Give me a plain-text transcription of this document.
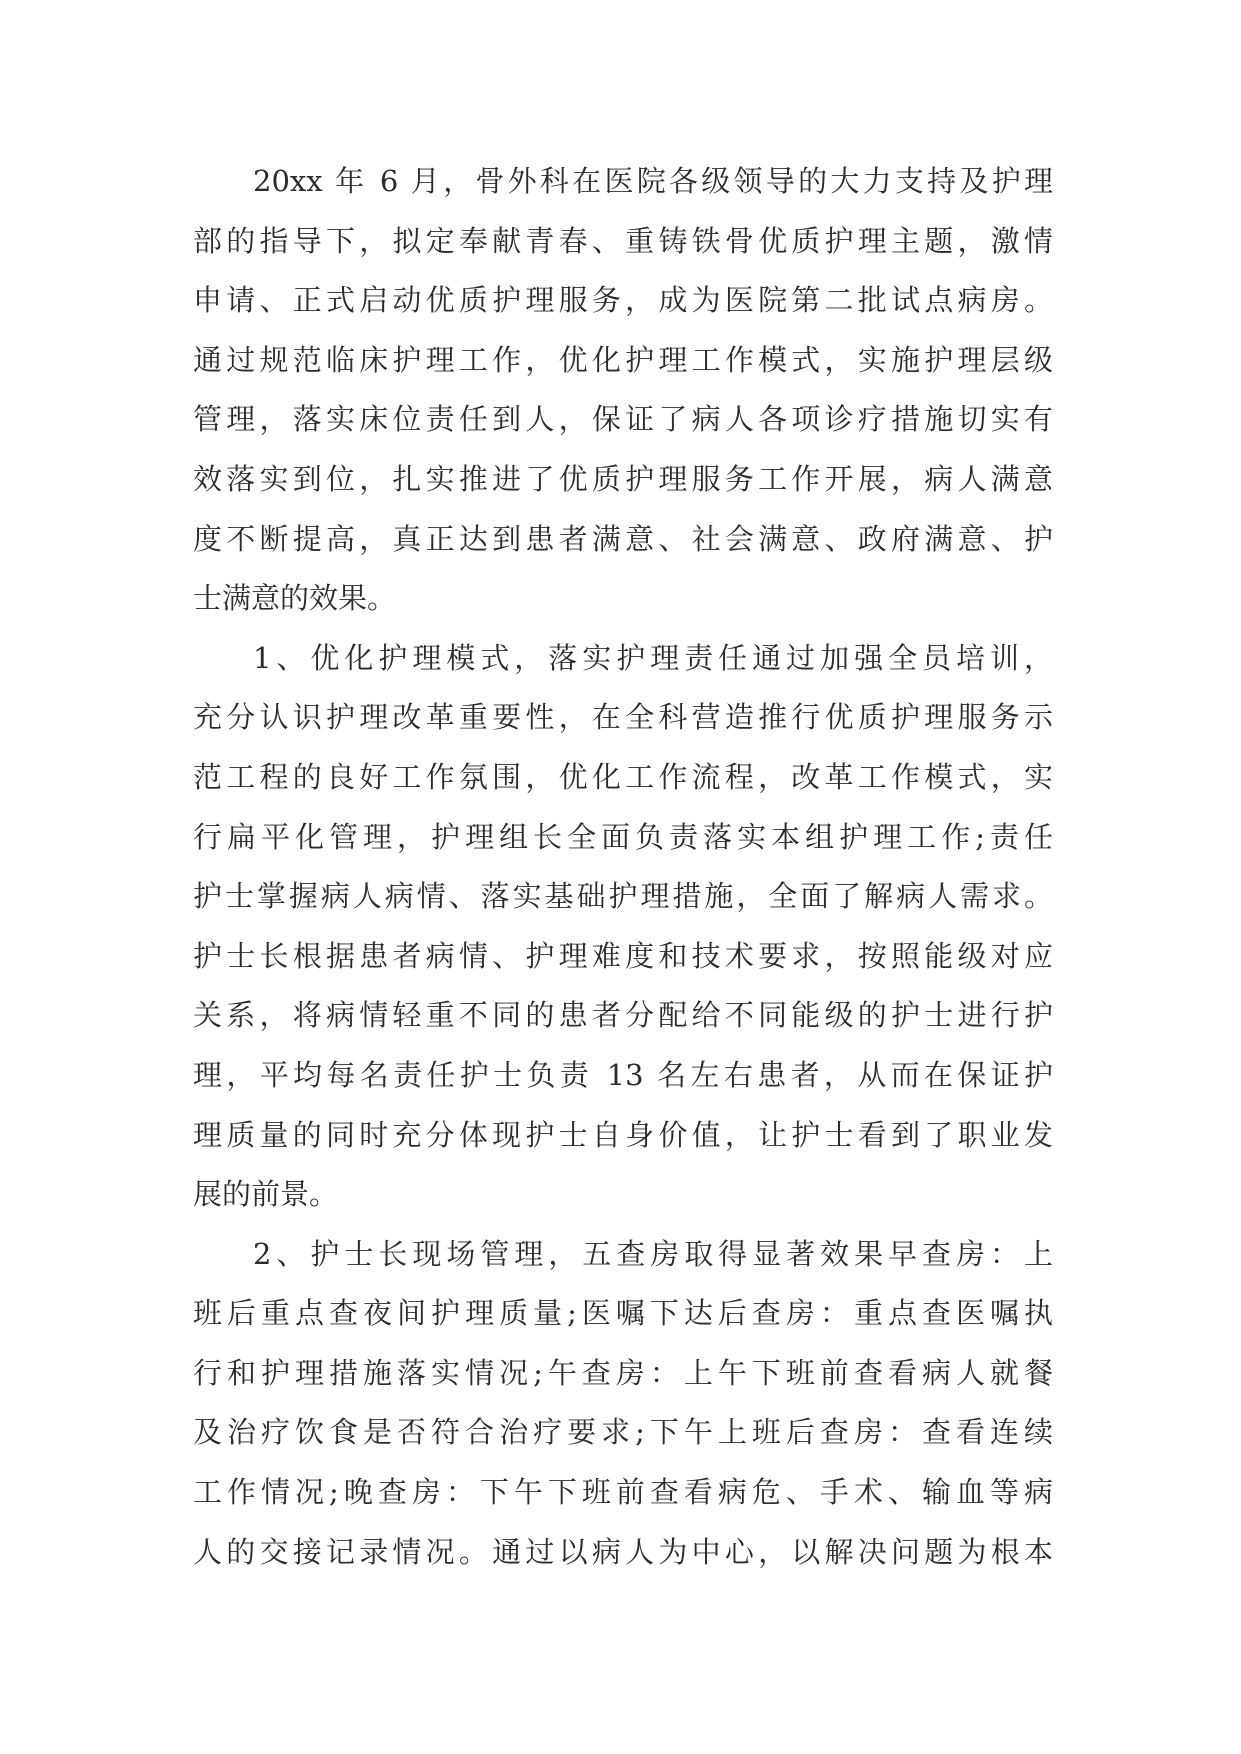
20xx 年 6 月，骨外科在医院各级领导的大力支持及护理
部的指导下，拟定奉献青春、重铸铁骨优质护理主题，激情
申请、正式启动优质护理服务，成为医院第二批试点病房。
通过规范临床护理工作，优化护理工作模式，实施护理层级
管理，落实床位责任到人，保证了病人各项诊疗措施切实有
效落实到位，扎实推进了优质护理服务工作开展，病人满意
度不断提高，真正达到患者满意、社会满意、政府满意、护
士满意的效果。
1、优化护理模式，落实护理责任通过加强全员培训，
充分认识护理改革重要性，在全科营造推行优质护理服务示
范工程的良好工作氛围，优化工作流程，改革工作模式，实
行扁平化管理，护理组长全面负责落实本组护理工作;责任
护士掌握病人病情、落实基础护理措施，全面了解病人需求。
护士长根据患者病情、护理难度和技术要求，按照能级对应
关系，将病情轻重不同的患者分配给不同能级的护士进行护
理，平均每名责任护士负责 13 名左右患者，从而在保证护
理质量的同时充分体现护士自身价值，让护士看到了职业发
展的前景。
2、护士长现场管理，五查房取得显著效果早查房：上
班后重点查夜间护理质量;医嘱下达后查房：重点查医嘱执
行和护理措施落实情况;午查房：上午下班前查看病人就餐
及治疗饮食是否符合治疗要求;下午上班后查房：查看连续
工作情况;晚查房：下午下班前查看病危、手术、输血等病
人的交接记录情况。通过以病人为中心，以解决问题为根本
